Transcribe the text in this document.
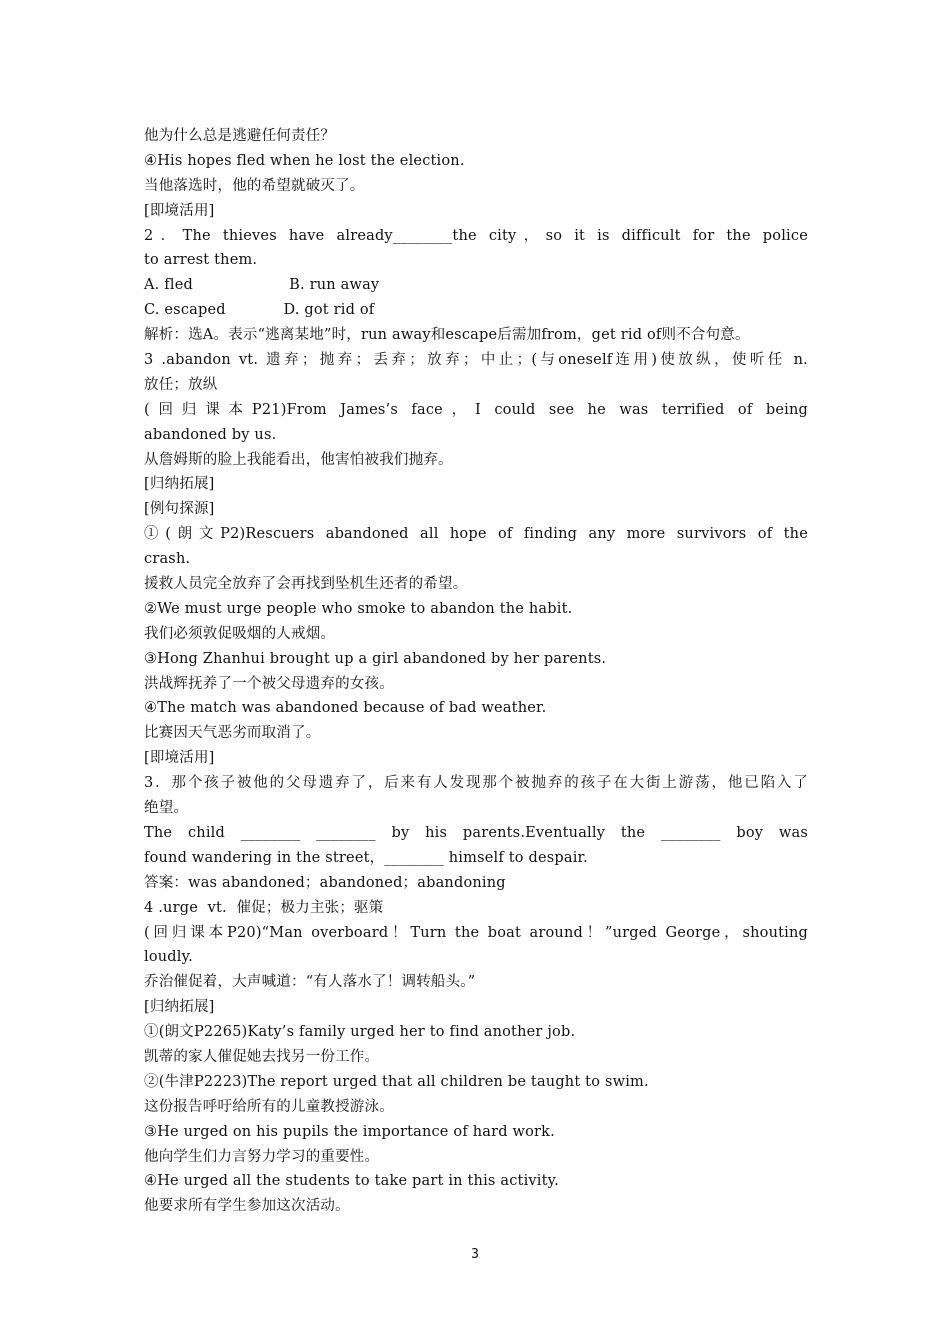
他为什么总是逃避任何责任？
④His hopes fled when he lost the election.
当他落选时，他的希望就破灭了。
[即境活用]
2．The thieves have already________the city，so it is difficult for the police
to arrest them.
A. fled                    B. run away
C. escaped            D. got rid of
解析：选A。表示“逃离某地”时，run away和escape后需加from，get rid of则不合句意。
3 .abandon vt. 遗弃；抛弃；丢弃；放弃；中止；(与oneself连用)使放纵，使听任 n.
放任；放纵
(回归课本P21)From James’s face，I could see he was terrified of being
abandoned by us.
从詹姆斯的脸上我能看出，他害怕被我们抛弃。
[归纳拓展]
[例句探源]
①(朗文P2)Rescuers abandoned all hope of finding any more survivors of the
crash.
援救人员完全放弃了会再找到坠机生还者的希望。
②We must urge people who smoke to abandon the habit.
我们必须敦促吸烟的人戒烟。
③Hong Zhanhui brought up a girl abandoned by her parents.
洪战辉抚养了一个被父母遗弃的女孩。
④The match was abandoned because of bad weather.
比赛因天气恶劣而取消了。
[即境活用]
3．那个孩子被他的父母遗弃了，后来有人发现那个被抛弃的孩子在大街上游荡，他已陷入了
绝望。
The child ________ ________ by his parents.Eventually the ________ boy was
found wandering in the street，________ himself to despair.
答案：was abandoned；abandoned；abandoning
4 .urge  vt.  催促；极力主张；驱策
(回归课本P20)“Man overboard！Turn the boat around！”urged George，shouting
loudly.
乔治催促着，大声喊道：“有人落水了！调转船头。”
[归纳拓展]
①(朗文P2265)Katy’s family urged her to find another job.
凯蒂的家人催促她去找另一份工作。
②(牛津P2223)The report urged that all children be taught to swim.
这份报告呼吁给所有的儿童教授游泳。
③He urged on his pupils the importance of hard work.
他向学生们力言努力学习的重要性。
④He urged all the students to take part in this activity.
他要求所有学生参加这次活动。
3
